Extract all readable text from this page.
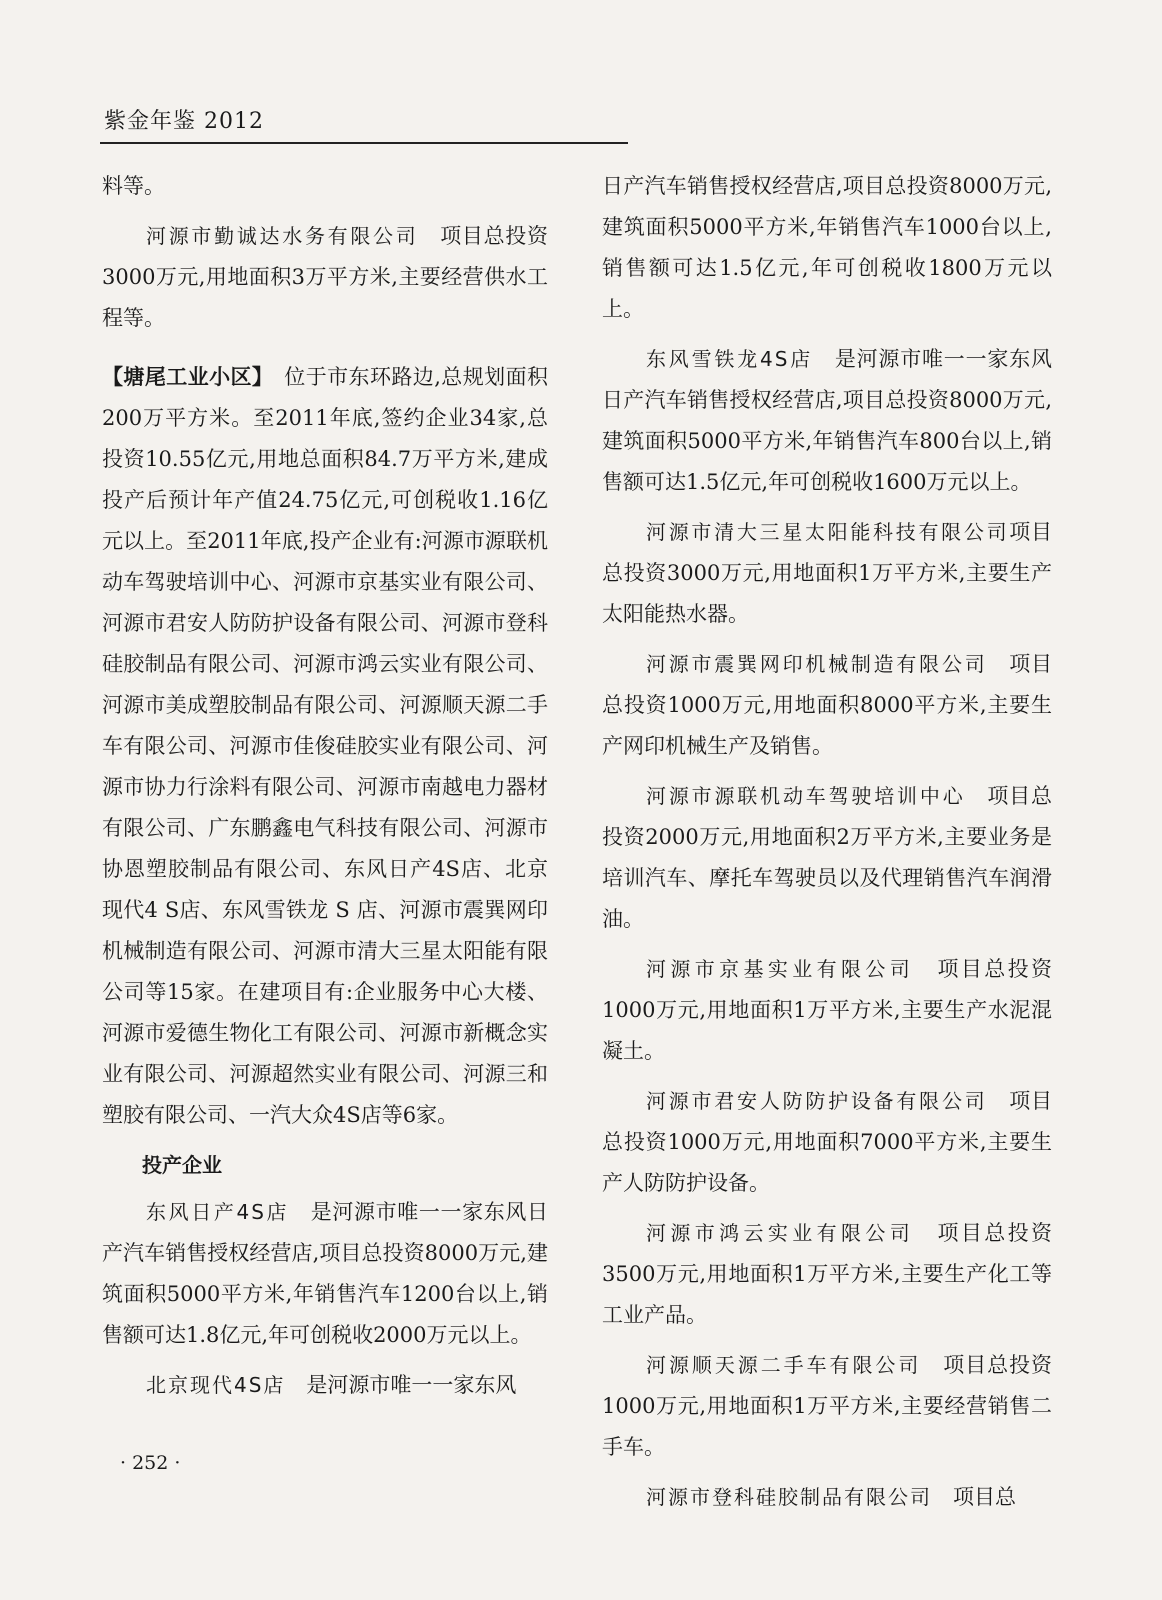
紫金年鉴 2012

料等。

河源市勤诚达水务有限公司　项目总投资3000万元,用地面积3万平方米,主要经营供水工程等。

【塘尾工业小区】　位于市东环路边,总规划面积200万平方米。至2011年底,签约企业34家,总投资10.55亿元,用地总面积84.7万平方米,建成投产后预计年产值24.75亿元,可创税收1.16亿元以上。至2011年底,投产企业有:河源市源联机动车驾驶培训中心、河源市京基实业有限公司、河源市君安人防防护设备有限公司、河源市登科硅胶制品有限公司、河源市鸿云实业有限公司、河源市美成塑胶制品有限公司、河源顺天源二手车有限公司、河源市佳俊硅胶实业有限公司、河源市协力行涂料有限公司、河源市南越电力器材有限公司、广东鹏鑫电气科技有限公司、河源市协恩塑胶制品有限公司、东风日产4S店、北京现代4 S店、东风雪铁龙 S 店、河源市震巽网印机械制造有限公司、河源市清大三星太阳能有限公司等15家。在建项目有:企业服务中心大楼、河源市爱德生物化工有限公司、河源市新概念实业有限公司、河源超然实业有限公司、河源三和塑胶有限公司、一汽大众4S店等6家。

投产企业

东风日产4S店　是河源市唯一一家东风日产汽车销售授权经营店,项目总投资8000万元,建筑面积5000平方米,年销售汽车1200台以上,销售额可达1.8亿元,年可创税收2000万元以上。

北京现代4S店　是河源市唯一一家东风

日产汽车销售授权经营店,项目总投资8000万元,建筑面积5000平方米,年销售汽车1000台以上,销售额可达1.5亿元,年可创税收1800万元以上。

东风雪铁龙4S店　是河源市唯一一家东风日产汽车销售授权经营店,项目总投资8000万元,建筑面积5000平方米,年销售汽车800台以上,销售额可达1.5亿元,年可创税收1600万元以上。

河源市清大三星太阳能科技有限公司项目总投资3000万元,用地面积1万平方米,主要生产太阳能热水器。

河源市震巽网印机械制造有限公司　项目总投资1000万元,用地面积8000平方米,主要生产网印机械生产及销售。

河源市源联机动车驾驶培训中心　项目总投资2000万元,用地面积2万平方米,主要业务是培训汽车、摩托车驾驶员以及代理销售汽车润滑油。

河源市京基实业有限公司　项目总投资1000万元,用地面积1万平方米,主要生产水泥混凝土。

河源市君安人防防护设备有限公司　项目总投资1000万元,用地面积7000平方米,主要生产人防防护设备。

河源市鸿云实业有限公司　项目总投资3500万元,用地面积1万平方米,主要生产化工等工业产品。

河源顺天源二手车有限公司　项目总投资1000万元,用地面积1万平方米,主要经营销售二手车。

河源市登科硅胶制品有限公司　项目总

· 252 ·
